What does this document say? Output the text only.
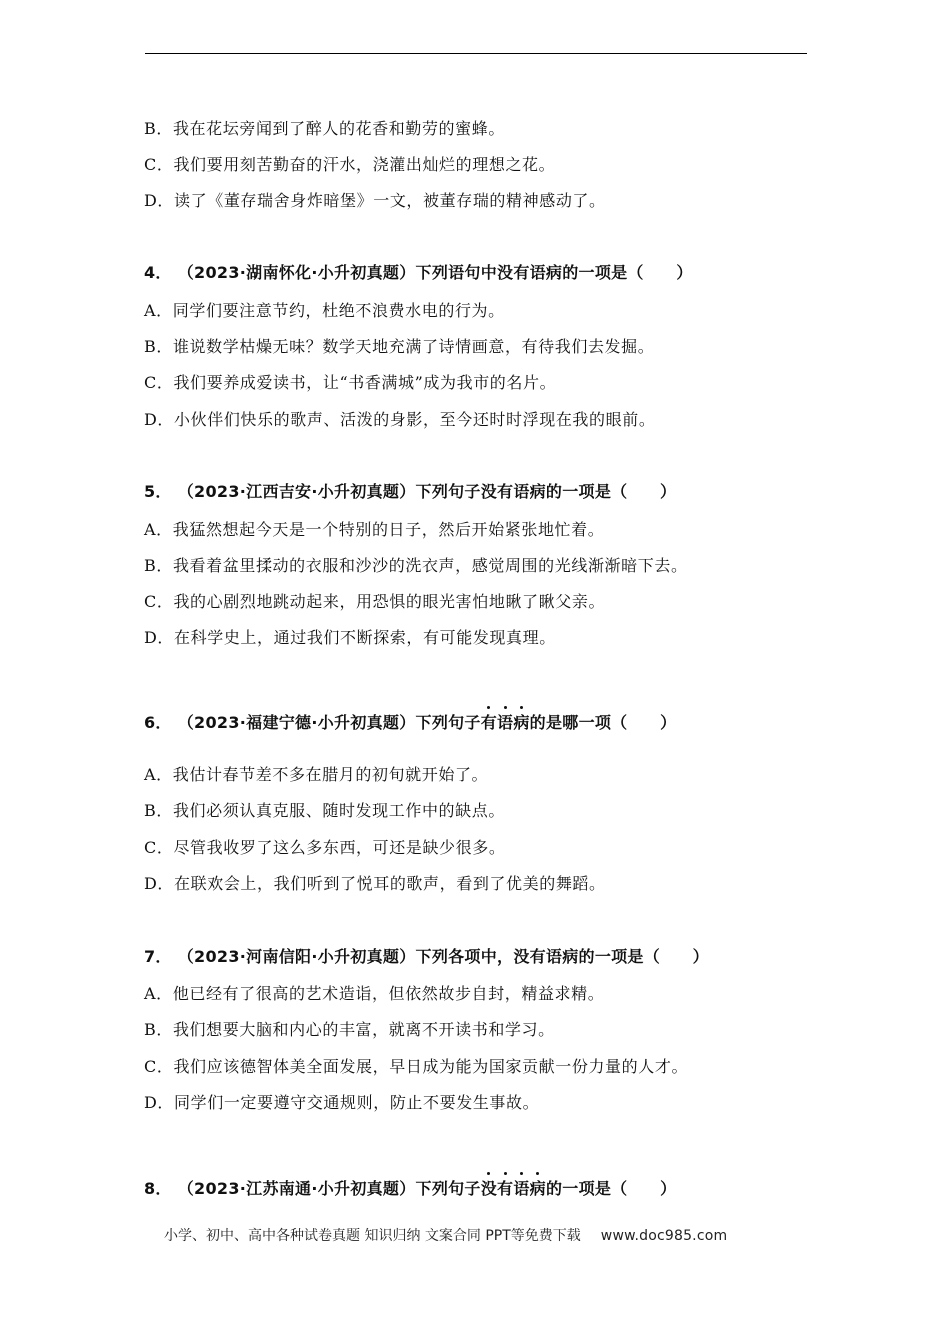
B．我在花坛旁闻到了醉人的花香和勤劳的蜜蜂。
C．我们要用刻苦勤奋的汗水，浇灌出灿烂的理想之花。
D．读了《董存瑞舍身炸暗堡》一文，被董存瑞的精神感动了。
4． （2023·湖南怀化·小升初真题）下列语句中没有语病的一项是（　　）
A．同学们要注意节约，杜绝不浪费水电的行为。
B．谁说数学枯燥无味？数学天地充满了诗情画意，有待我们去发掘。
C．我们要养成爱读书，让“书香满城”成为我市的名片。
D．小伙伴们快乐的歌声、活泼的身影，至今还时时浮现在我的眼前。
5． （2023·江西吉安·小升初真题）下列句子没有语病的一项是（　　）
A．我猛然想起今天是一个特别的日子，然后开始紧张地忙着。
B．我看着盆里揉动的衣服和沙沙的洗衣声，感觉周围的光线渐渐暗下去。
C．我的心剧烈地跳动起来，用恐惧的眼光害怕地瞅了瞅父亲。
D．在科学史上，通过我们不断探索，有可能发现真理。
6． （2023·福建宁德·小升初真题）下列句子有语病的是哪一项（　　）
A．我估计春节差不多在腊月的初旬就开始了。
B．我们必须认真克服、随时发现工作中的缺点。
C．尽管我收罗了这么多东西，可还是缺少很多。
D．在联欢会上，我们听到了悦耳的歌声，看到了优美的舞蹈。
7． （2023·河南信阳·小升初真题）下列各项中，没有语病的一项是（　　）
A．他已经有了很高的艺术造诣，但依然故步自封，精益求精。
B．我们想要大脑和内心的丰富，就离不开读书和学习。
C．我们应该德智体美全面发展，早日成为能为国家贡献一份力量的人才。
D．同学们一定要遵守交通规则，防止不要发生事故。
8． （2023·江苏南通·小升初真题）下列句子没有语病的一项是（　　）
小学、初中、高中各种试卷真题 知识归纳 文案合同 PPT等免费下载 www.doc985.com
